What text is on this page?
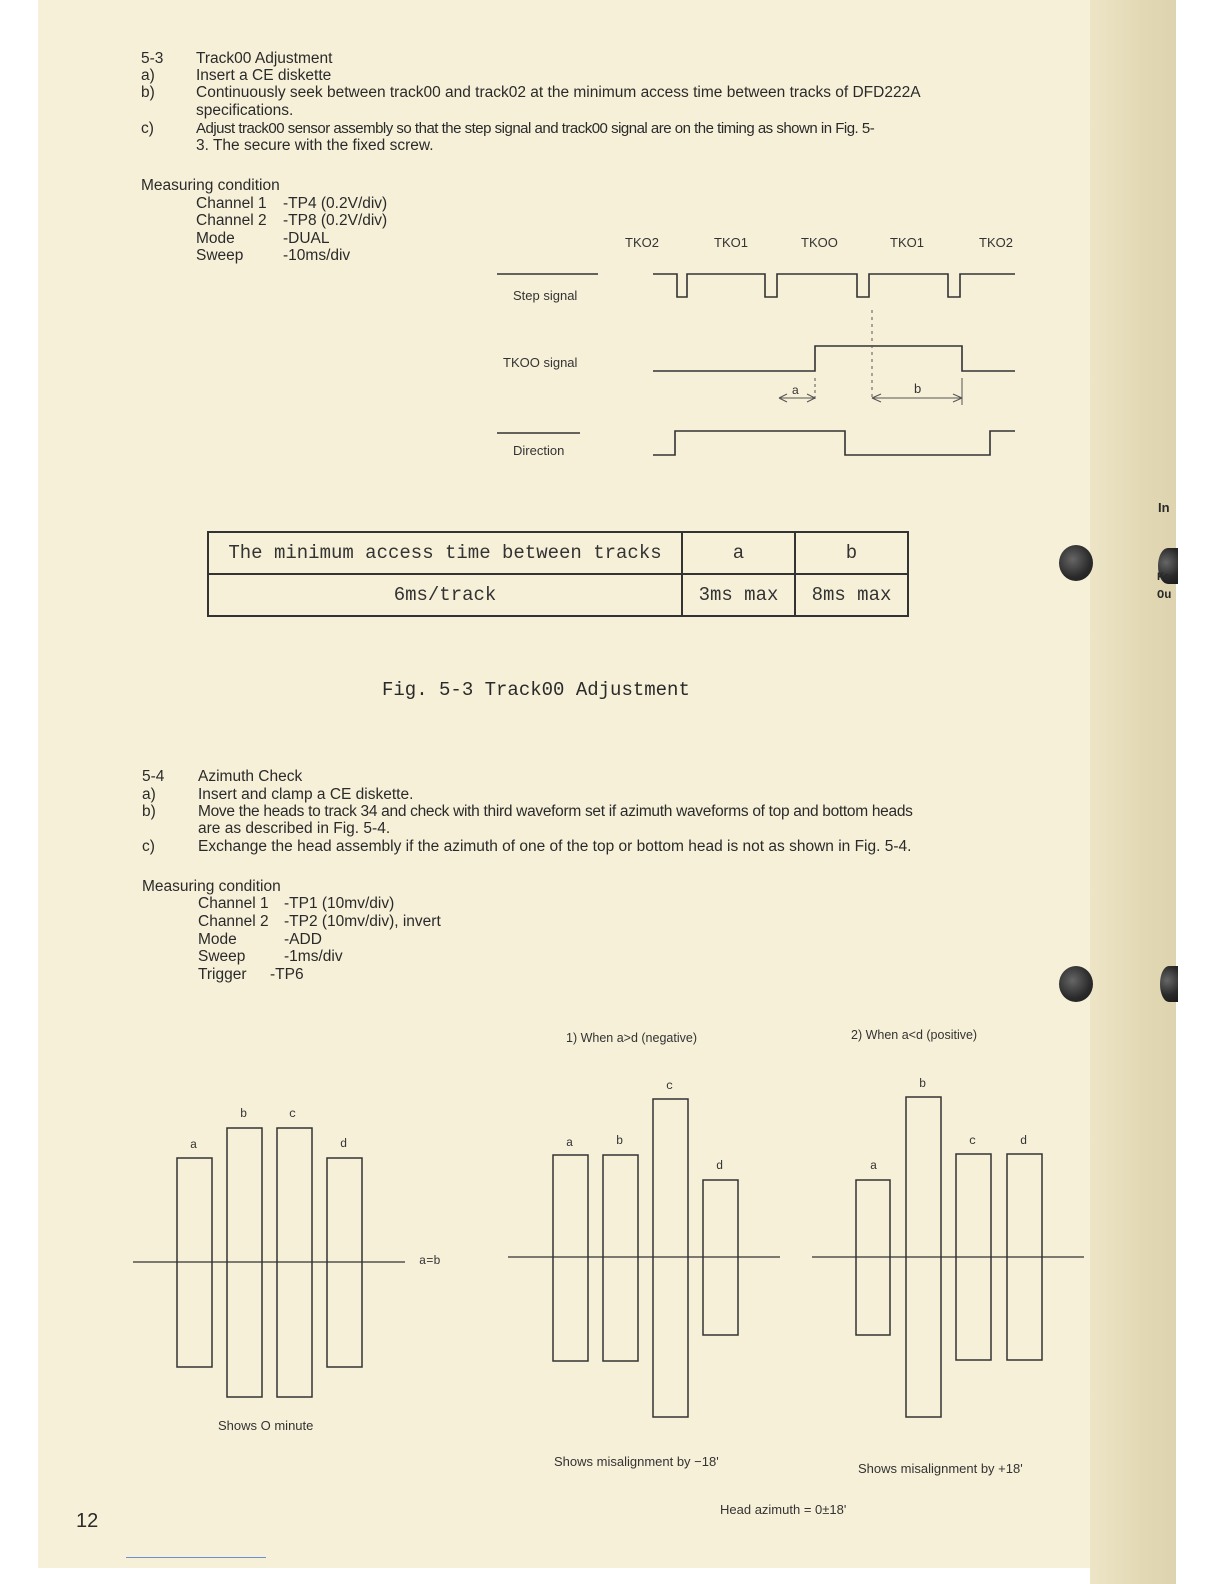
In
Ke
Ou
5-3 Track00 Adjustment
a)	Insert a CE diskette
b)	Continuously seek between track00 and track02 at the minimum access time between tracks of DFD222A
specifications.
c)	Adjust track00 sensor assembly so that the step signal and track00 signal are on the timing as shown in Fig. 5-
3. The secure with the fixed screw.
Measuring condition
Channel 1 -TP4 (0.2V/div)
Channel 2 -TP8 (0.2V/div)
Mode	-DUAL
Sweep	-10ms/div
TKO2	TKO1	TKOO	TKO1	TKO2
Step signal
TKOO signal
Direction
a	b
The minimum access time between tracks	a	b
6ms/track	3ms max	8ms max
Fig. 5-3 Track00 Adjustment
5-4 Azimuth Check
a)	Insert and clamp a CE diskette.
b)	Move the heads to track 34 and check with third waveform set if azimuth waveforms of top and bottom heads
are as described in Fig. 5-4.
c)	Exchange the head assembly if the azimuth of one of the top or bottom head is not as shown in Fig. 5-4.
Measuring condition
Channel 1 -TP1 (10mv/div)
Channel 2 -TP2 (10mv/div), invert
Mode	-ADD
Sweep -1ms/div
Trigger -TP6
1) When a>d (negative)	2) When a<d (positive)
a
b	c
d
a=b
a	b
c
d	a
b
c	d
Shows O minute
Shows misalignment by −18'	Shows misalignment by +18'
Head azimuth = 0±18'
12
